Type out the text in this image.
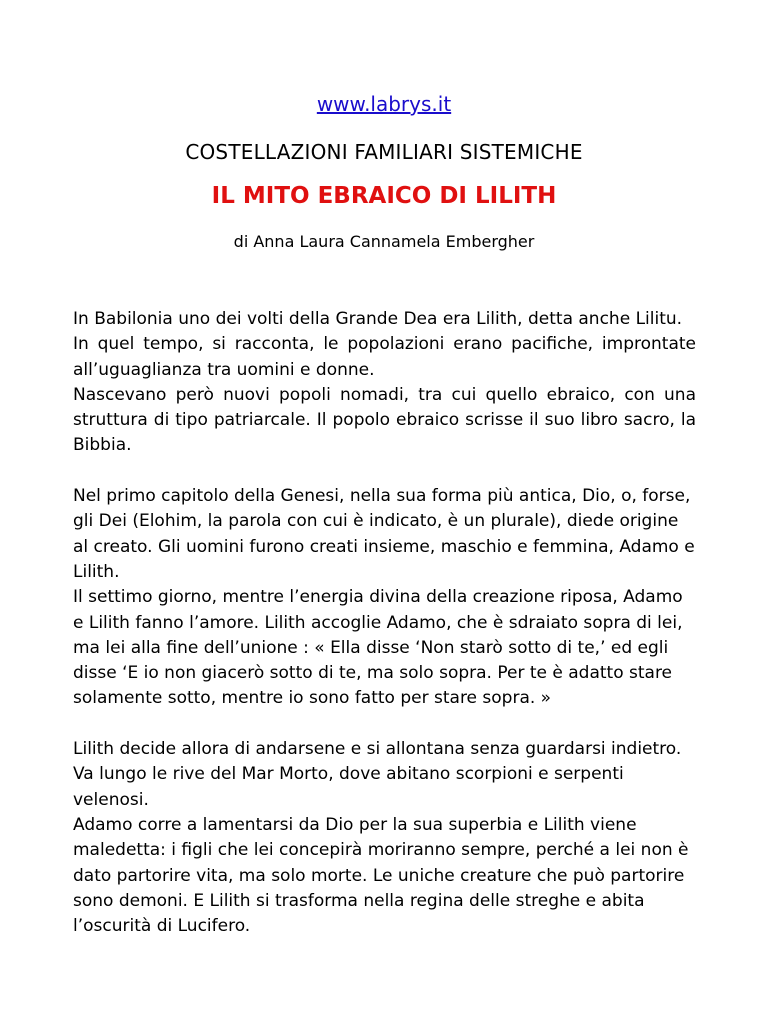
www.labrys.it
COSTELLAZIONI FAMILIARI SISTEMICHE
IL MITO EBRAICO DI LILITH
di Anna Laura Cannamela Embergher

In Babilonia uno dei volti della Grande Dea era Lilith, detta anche Lilitu.

In quel tempo, si racconta, le popolazioni erano pacifiche, improntate all’uguaglianza tra uomini e donne.

Nascevano però nuovi popoli nomadi, tra cui quello ebraico, con una struttura di tipo patriarcale. Il popolo ebraico scrisse il suo libro sacro, la Bibbia.

Nel primo capitolo della Genesi, nella sua forma più antica, Dio, o, forse, gli Dei (Elohim, la parola con cui è indicato, è un plurale), diede origine al creato. Gli uomini furono creati insieme, maschio e femmina, Adamo e Lilith.

Il settimo giorno, mentre l’energia divina della creazione riposa, Adamo e Lilith fanno l’amore. Lilith accoglie Adamo, che è sdraiato sopra di lei, ma lei alla fine dell’unione : « Ella disse ‘Non starò sotto di te,’ ed egli disse ‘E io non giacerò sotto di te, ma solo sopra. Per te è adatto stare solamente sotto, mentre io sono fatto per stare sopra. »

Lilith decide allora di andarsene e si allontana senza guardarsi indietro. Va lungo le rive del Mar Morto, dove abitano scorpioni e serpenti velenosi.

Adamo corre a lamentarsi da Dio per la sua superbia e Lilith viene maledetta: i figli che lei concepirà moriranno sempre, perché a lei non è dato partorire vita, ma solo morte. Le uniche creature che può partorire sono demoni. E Lilith si trasforma nella regina delle streghe e abita l’oscurità di Lucifero.
